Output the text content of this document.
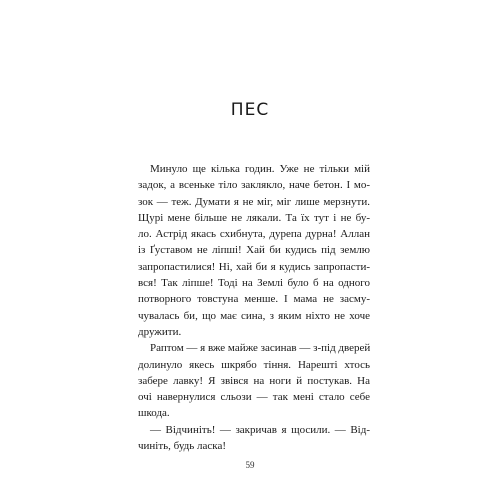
ПЕС
Минуло ще кілька годин. Уже не тільки мій
задок, а всеньке тіло заклякло, наче бетон. І мо-
зок — теж. Думати я не міг, міг лише мерзнути.
Щурі мене більше не лякали. Та їх тут і не бу-
ло. Астрід якась схибнута, дурепа дурна! Аллан
із Ґуставом не ліпші! Хай би кудись під землю
запропастилися! Ні, хай би я кудись запропасти-
вся! Так ліпше! Тоді на Землі було б на одного
потворного товстуна менше. І мама не засму-
чувалась би, що має сина, з яким ніхто не хоче
дружити.
Раптом — я вже майже засинав — з-під дверей
долинуло якесь шкрябо тіння. Нарешті хтось
забере лавку! Я звівся на ноги й постукав. На
очі навернулися сльози — так мені стало себе
шкода.
— Відчиніть! — закричав я щосили. — Від-
чиніть, будь ласка!
59
